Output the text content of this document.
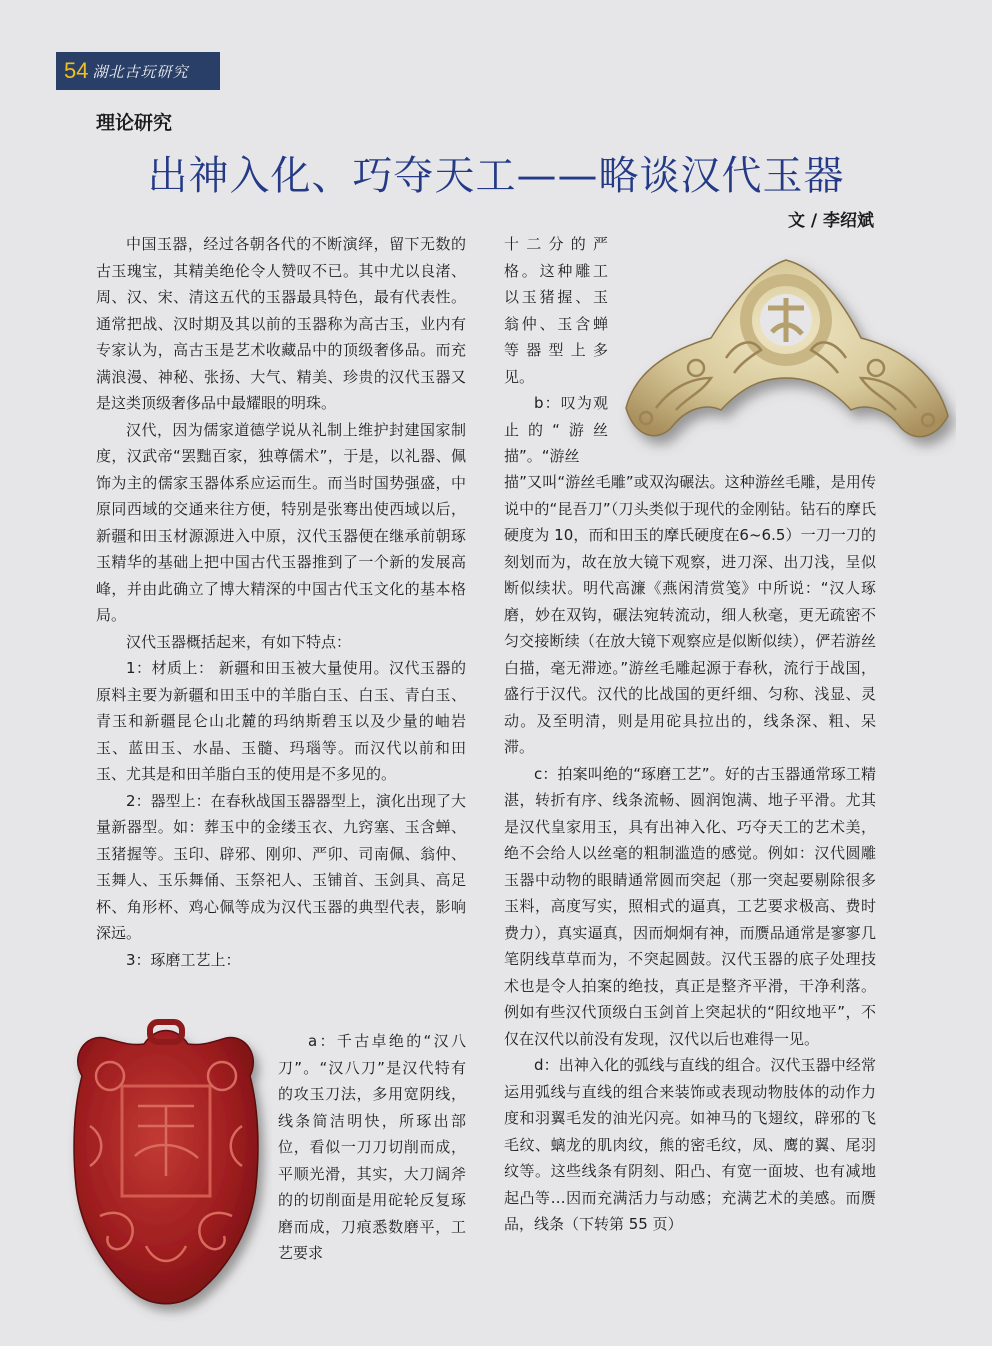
54 湖北古玩研究
理论研究
出神入化、巧夺天工——略谈汉代玉器
文 / 李绍斌

中国玉器，经过各朝各代的不断演绎，留下无数的古玉瑰宝，其精美绝伦令人赞叹不已。其中尤以良渚、周、汉、宋、清这五代的玉器最具特色，最有代表性。通常把战、汉时期及其以前的玉器称为高古玉，业内有专家认为，高古玉是艺术收藏品中的顶级奢侈品。而充满浪漫、神秘、张扬、大气、精美、珍贵的汉代玉器又是这类顶级奢侈品中最耀眼的明珠。

汉代，因为儒家道德学说从礼制上维护封建国家制度，汉武帝“罢黜百家，独尊儒术”，于是，以礼器、佩饰为主的儒家玉器体系应运而生。而当时国势强盛，中原同西域的交通来往方便，特别是张骞出使西域以后，新疆和田玉材源源进入中原，汉代玉器便在继承前朝琢玉精华的基础上把中国古代玉器推到了一个新的发展高峰，并由此确立了博大精深的中国古代玉文化的基本格局。

汉代玉器概括起来，有如下特点：

1：材质上： 新疆和田玉被大量使用。汉代玉器的原料主要为新疆和田玉中的羊脂白玉、白玉、青白玉、青玉和新疆昆仑山北麓的玛纳斯碧玉以及少量的岫岩玉、蓝田玉、水晶、玉髓、玛瑙等。而汉代以前和田玉、尤其是和田羊脂白玉的使用是不多见的。

2：器型上：在春秋战国玉器器型上，演化出现了大量新器型。如：葬玉中的金缕玉衣、九窍塞、玉含蝉、玉猪握等。玉印、辟邪、刚卯、严卯、司南佩、翁仲、玉舞人、玉乐舞俑、玉祭祀人、玉铺首、玉剑具、高足杯、角形杯、鸡心佩等成为汉代玉器的典型代表，影响深远。

3：琢磨工艺上：

a：千古卓绝的“汉八刀”。“汉八刀”是汉代特有的攻玉刀法，多用宽阴线，线条简洁明快，所琢出部位，看似一刀刀切削而成，平顺光滑，其实，大刀阔斧的的切削面是用砣轮反复琢磨而成，刀痕悉数磨平，工艺要求

十二分的严格。这种雕工以玉猪握、玉翁仲、玉含蝉等器型上多见。

b：叹为观止的“游丝描”。“游丝

描”又叫“游丝毛雕”或双沟碾法。这种游丝毛雕，是用传说中的“昆吾刀”（刀头类似于现代的金刚钻。钻石的摩氏硬度为 10，而和田玉的摩氏硬度在6~6.5）一刀一刀的刻划而为，故在放大镜下观察，进刀深、出刀浅，呈似断似续状。明代高濂《燕闲清赏笺》中所说：“汉人琢磨，妙在双钩，碾法宛转流动，细人秋毫，更无疏密不匀交接断续（在放大镜下观察应是似断似续），俨若游丝白描，毫无滞迹。”游丝毛雕起源于春秋，流行于战国，盛行于汉代。汉代的比战国的更纤细、匀称、浅显、灵动。及至明清，则是用砣具拉出的，线条深、粗、呆滞。

c：拍案叫绝的“琢磨工艺”。好的古玉器通常琢工精湛，转折有序、线条流畅、圆润饱满、地子平滑。尤其是汉代皇家用玉，具有出神入化、巧夺天工的艺术美，绝不会给人以丝毫的粗制滥造的感觉。例如：汉代圆雕玉器中动物的眼睛通常圆而突起（那一突起要剔除很多玉料，高度写实，照相式的逼真，工艺要求极高、费时费力），真实逼真，因而炯炯有神，而赝品通常是寥寥几笔阴线草草而为，不突起圆鼓。汉代玉器的底子处理技术也是令人拍案的绝技，真正是整齐平滑，干净利落。例如有些汉代顶级白玉剑首上突起状的“阳纹地平”，不仅在汉代以前没有发现，汉代以后也难得一见。

d：出神入化的弧线与直线的组合。汉代玉器中经常运用弧线与直线的组合来装饰或表现动物肢体的动作力度和羽翼毛发的油光闪亮。如神马的飞翅纹，辟邪的飞毛纹、螭龙的肌肉纹，熊的密毛纹，凤、鹰的翼、尾羽纹等。这些线条有阴刻、阳凸、有宽一面坡、也有减地起凸等…因而充满活力与动感；充满艺术的美感。而赝品，线条（下转第 55 页）
